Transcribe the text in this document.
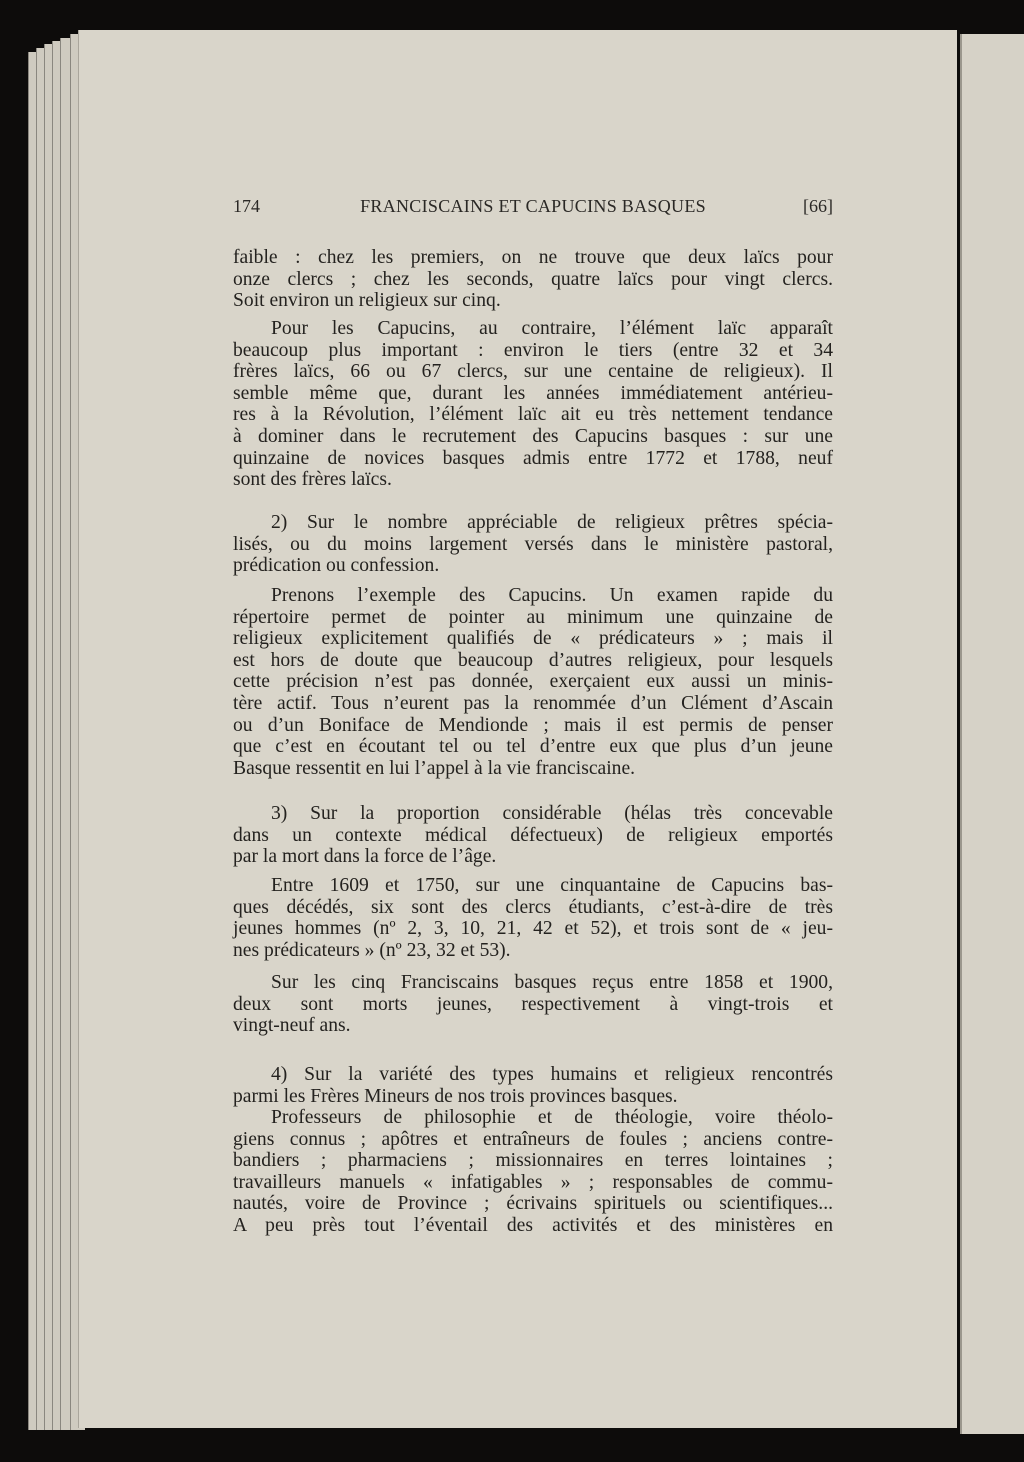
174	FRANCISCAINS ET CAPUCINS BASQUES	[66]
faible : chez les premiers, on ne trouve que deux laïcs pour
onze clercs ; chez les seconds, quatre laïcs pour vingt clercs.
Soit environ un religieux sur cinq.
Pour les Capucins, au contraire, l’élément laïc apparaît
beaucoup plus important : environ le tiers (entre 32 et 34
frères laïcs, 66 ou 67 clercs, sur une centaine de religieux). Il
semble même que, durant les années immédiatement antérieu-
res à la Révolution, l’élément laïc ait eu très nettement tendance
à dominer dans le recrutement des Capucins basques : sur une
quinzaine de novices basques admis entre 1772 et 1788, neuf
sont des frères laïcs.
2) Sur le nombre appréciable de religieux prêtres spécia-
lisés, ou du moins largement versés dans le ministère pastoral,
prédication ou confession.
Prenons l’exemple des Capucins. Un examen rapide du
répertoire permet de pointer au minimum une quinzaine de
religieux explicitement qualifiés de « prédicateurs » ; mais il
est hors de doute que beaucoup d’autres religieux, pour lesquels
cette précision n’est pas donnée, exerçaient eux aussi un minis-
tère actif. Tous n’eurent pas la renommée d’un Clément d’Ascain
ou d’un Boniface de Mendionde ; mais il est permis de penser
que c’est en écoutant tel ou tel d’entre eux que plus d’un jeune
Basque ressentit en lui l’appel à la vie franciscaine.
3) Sur la proportion considérable (hélas très concevable
dans un contexte médical défectueux) de religieux emportés
par la mort dans la force de l’âge.
Entre 1609 et 1750, sur une cinquantaine de Capucins bas-
ques décédés, six sont des clercs étudiants, c’est-à-dire de très
jeunes hommes (nº 2, 3, 10, 21, 42 et 52), et trois sont de « jeu-
nes prédicateurs » (nº 23, 32 et 53).
Sur les cinq Franciscains basques reçus entre 1858 et 1900,
deux sont morts jeunes, respectivement à vingt-trois et
vingt-neuf ans.
4) Sur la variété des types humains et religieux rencontrés
parmi les Frères Mineurs de nos trois provinces basques.
Professeurs de philosophie et de théologie, voire théolo-
giens connus ; apôtres et entraîneurs de foules ; anciens contre-
bandiers ; pharmaciens ; missionnaires en terres lointaines ;
travailleurs manuels « infatigables » ; responsables de commu-
nautés, voire de Province ; écrivains spirituels ou scientifiques...
A peu près tout l’éventail des activités et des ministères en
